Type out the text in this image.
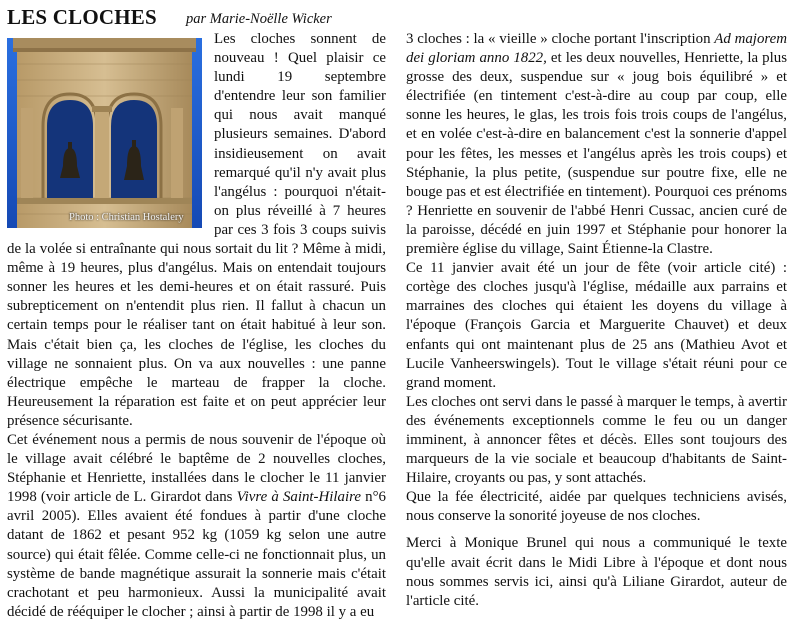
LES CLOCHES par Marie-Noëlle Wicker
Photo : Christian Hostalery

Les cloches sonnent de nouveau ! Quel plaisir ce lundi 19 septembre d'entendre leur son familier qui nous avait manqué plusieurs semaines. D'abord insidieusement on avait remarqué qu'il n'y avait plus l'angélus : pourquoi n'était-on plus réveillé à 7 heures par ces 3 fois 3 coups suivis de la volée si entraînante qui nous sortait du lit ? Même à midi, même à 19 heures, plus d'angélus. Mais on entendait toujours sonner les heures et les demi-heures et on était rassuré. Puis subrepticement on n'entendit plus rien. Il fallut à chacun un certain temps pour le réaliser tant on était habitué à leur son. Mais c'était bien ça, les cloches de l'église, les cloches du village ne sonnaient plus. On va aux nouvelles : une panne électrique empêche le marteau de frapper la cloche. Heureusement la réparation est faite et on peut apprécier leur présence sécurisante.

Cet événement nous a permis de nous souvenir de l'époque où le village avait célébré le baptême de 2 nouvelles cloches, Stéphanie et Henriette, installées dans le clocher le 11 janvier 1998 (voir article de L. Girardot dans Vivre à Saint-Hilaire n°6 avril 2005). Elles avaient été fondues à partir d'une cloche datant de 1862 et pesant 952 kg (1059 kg selon une autre source) qui était fêlée. Comme celle-ci ne fonctionnait plus, un système de bande magnétique assurait la sonnerie mais c'était crachotant et peu harmonieux. Aussi la municipalité avait décidé de rééquiper le clocher ; ainsi à partir de 1998 il y a eu

3 cloches : la « vieille » cloche portant l'inscription Ad majorem dei gloriam anno 1822, et les deux nouvelles, Henriette, la plus grosse des deux, suspendue sur « joug bois équilibré » et électrifiée (en tintement c'est-à-dire au coup par coup, elle sonne les heures, le glas, les trois fois trois coups de l'angélus, et en volée c'est-à-dire en balancement c'est la sonnerie d'appel pour les fêtes, les messes et l'angélus après les trois coups) et Stéphanie, la plus petite, (suspendue sur poutre fixe, elle ne bouge pas et est électrifiée en tintement). Pourquoi ces prénoms ? Henriette en souvenir de l'abbé Henri Cussac, ancien curé de la paroisse, décédé en juin 1997 et Stéphanie pour honorer la première église du village, Saint Étienne-la Clastre.

Ce 11 janvier avait été un jour de fête (voir article cité) : cortège des cloches jusqu'à l'église, médaille aux parrains et marraines des cloches qui étaient les doyens du village à l'époque (François Garcia et Marguerite Chauvet) et deux enfants qui ont maintenant plus de 25 ans (Mathieu Avot et Lucile Vanheerswingels). Tout le village s'était réuni pour ce grand moment.

Les cloches ont servi dans le passé à marquer le temps, à avertir des événements exceptionnels comme le feu ou un danger imminent, à annoncer fêtes et décès. Elles sont toujours des marqueurs de la vie sociale et beaucoup d'habitants de Saint-Hilaire, croyants ou pas, y sont attachés.

Que la fée électricité, aidée par quelques techniciens avisés, nous conserve la sonorité joyeuse de nos cloches.

Merci à Monique Brunel qui nous a communiqué le texte qu'elle avait écrit dans le Midi Libre à l'époque et dont nous nous sommes servis ici, ainsi qu'à Liliane Girardot, auteur de l'article cité.
